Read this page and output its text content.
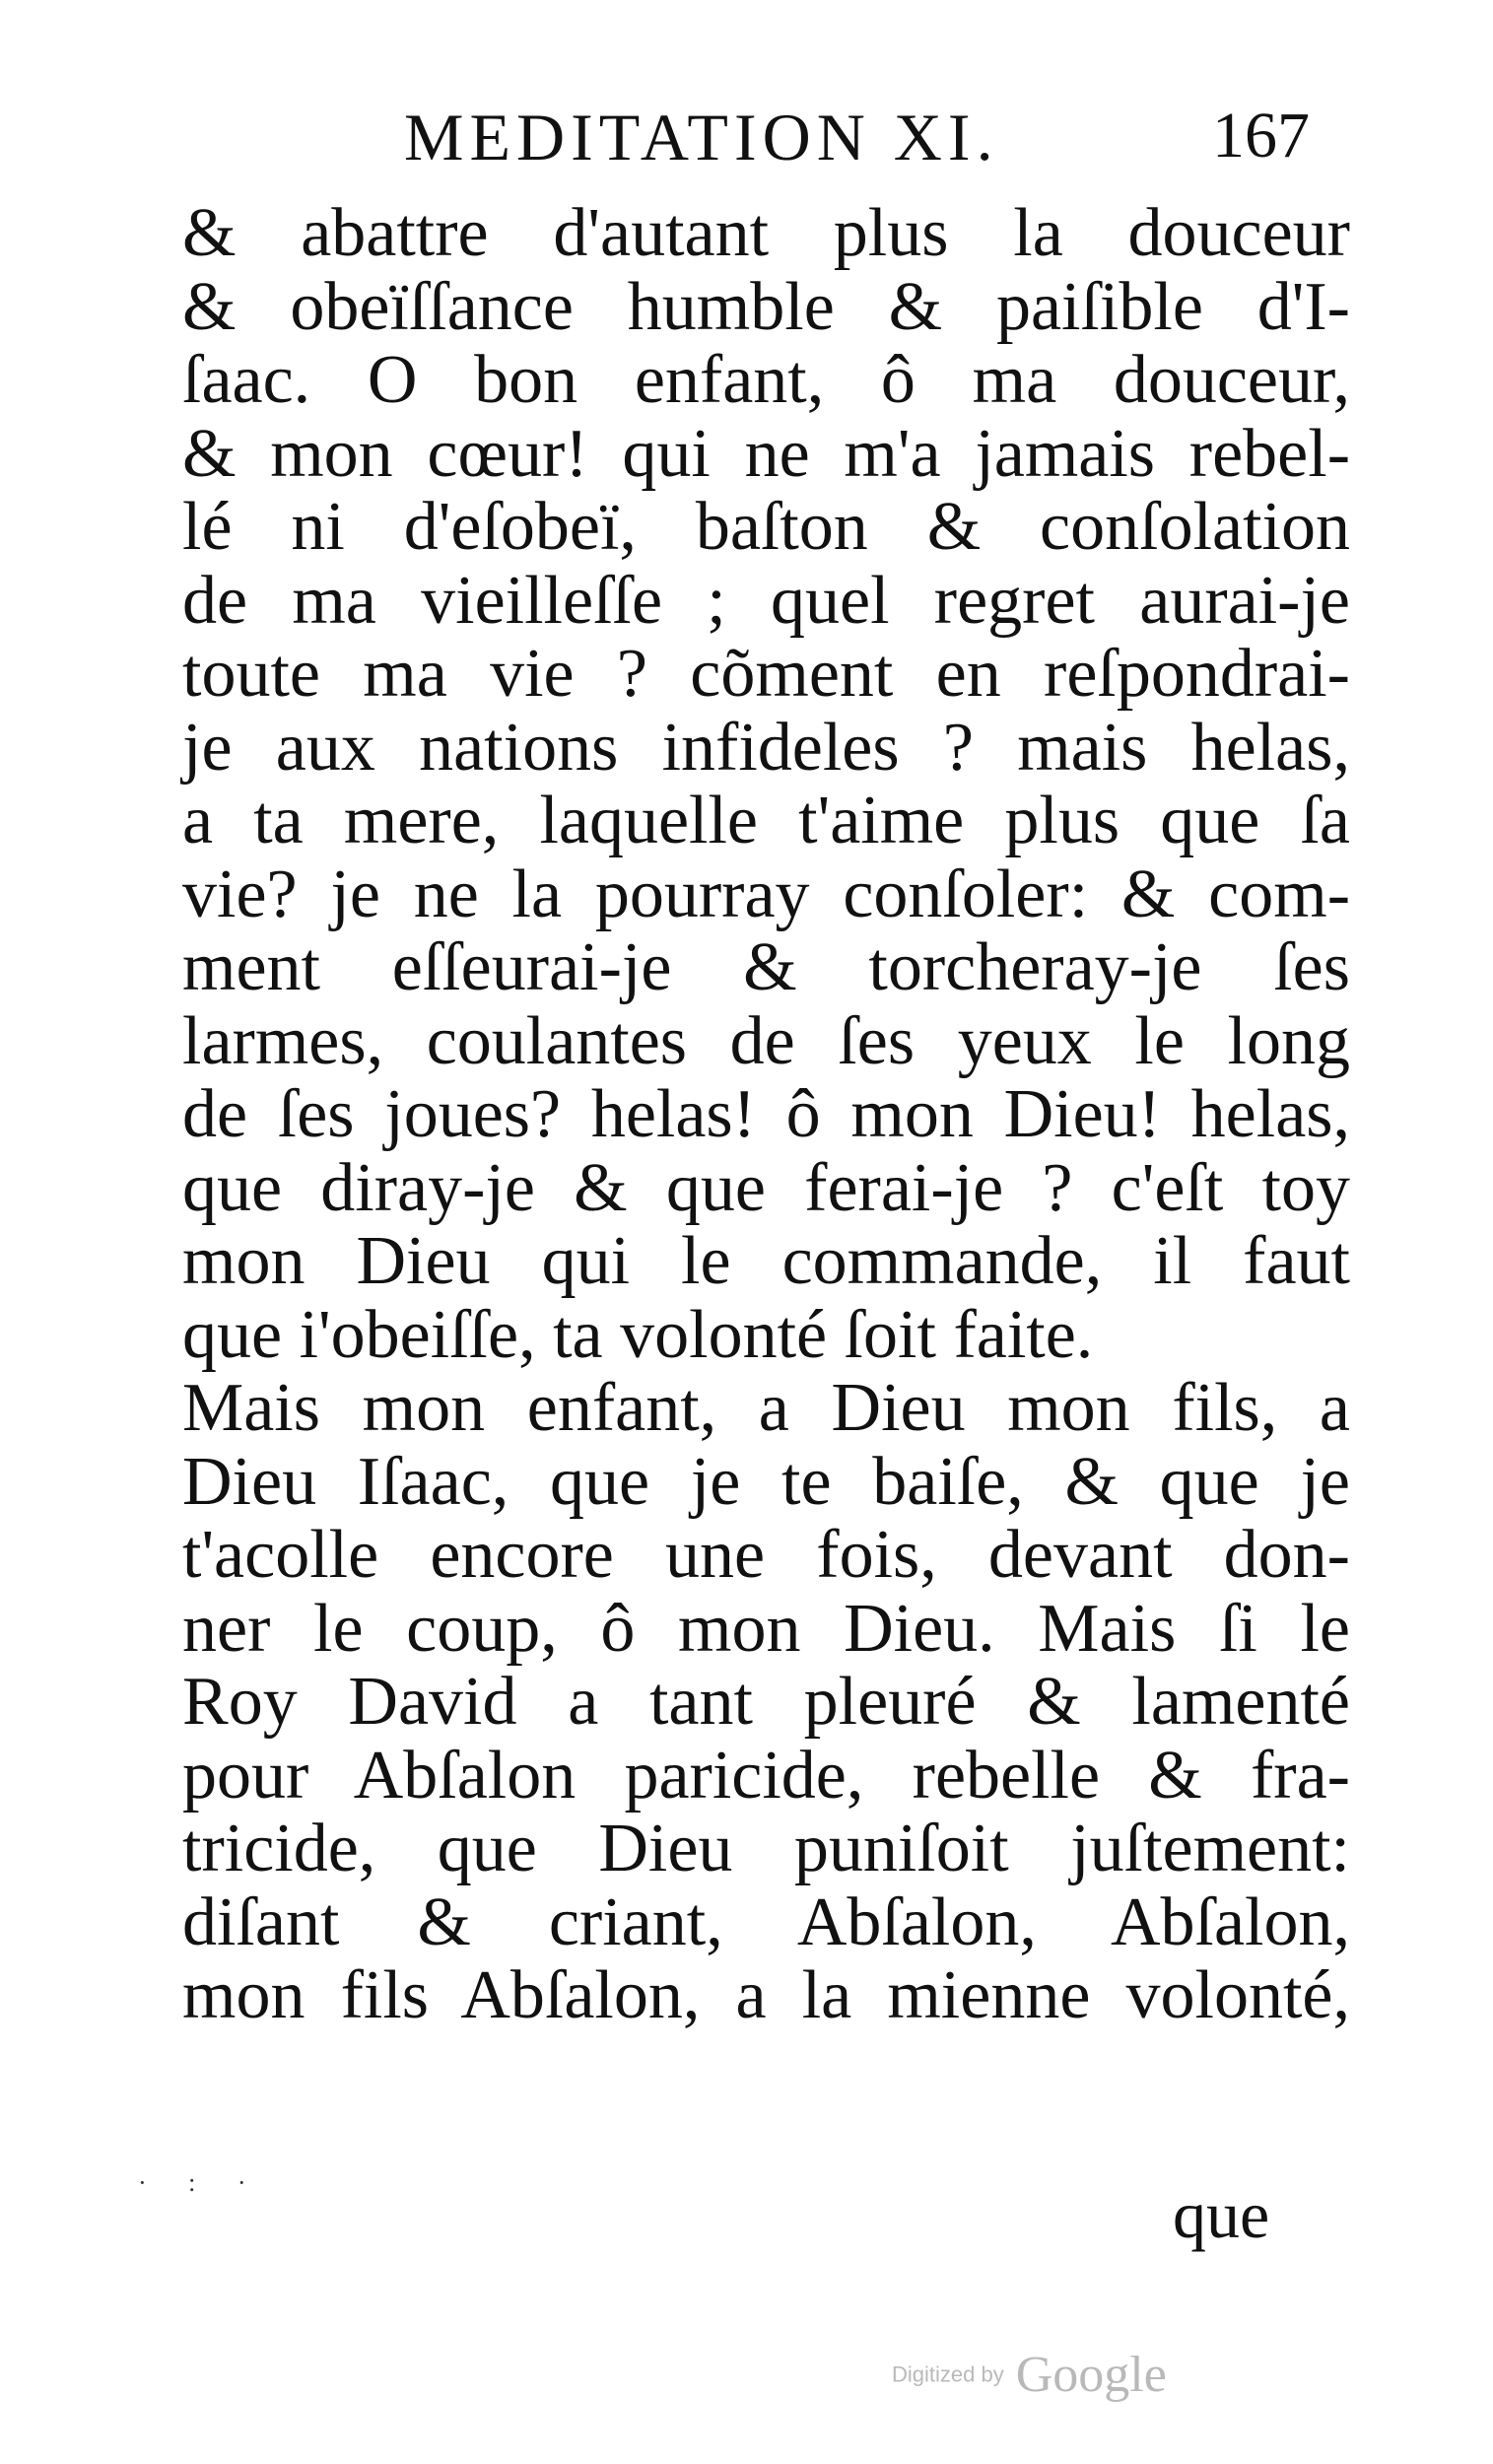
MEDITATION XI.	167
& abattre d'autant plus la douceur
& obeïſſance humble & paiſible d'I-
ſaac. O bon enfant, ô ma douceur,
& mon cœur! qui ne m'a jamais rebel-
lé ni d'eſobeï, baſton & conſolation
de ma vieilleſſe ; quel regret aurai-je
toute ma vie ? cõment en reſpondrai-
je aux nations infideles ? mais helas,
a ta mere, laquelle t'aime plus que ſa
vie? je ne la pourray conſoler: & com-
ment eſſeurai-je & torcheray-je ſes
larmes, coulantes de ſes yeux le long
de ſes joues? helas! ô mon Dieu! helas,
que diray-je & que ferai-je ? c'eſt toy
mon Dieu qui le commande, il faut
que i'obeiſſe, ta volonté ſoit faite.
Mais mon enfant, a Dieu mon fils, a
Dieu Iſaac, que je te baiſe, & que je
t'acolle encore une fois, devant don-
ner le coup, ô mon Dieu. Mais ſi le
Roy David a tant pleuré & lamenté
pour Abſalon paricide, rebelle & fra-
tricide, que Dieu puniſoit juſtement:
diſant & criant, Abſalon, Abſalon,
mon fils Abſalon, a la mienne volonté,
· : ·	que
Digitized by Google
